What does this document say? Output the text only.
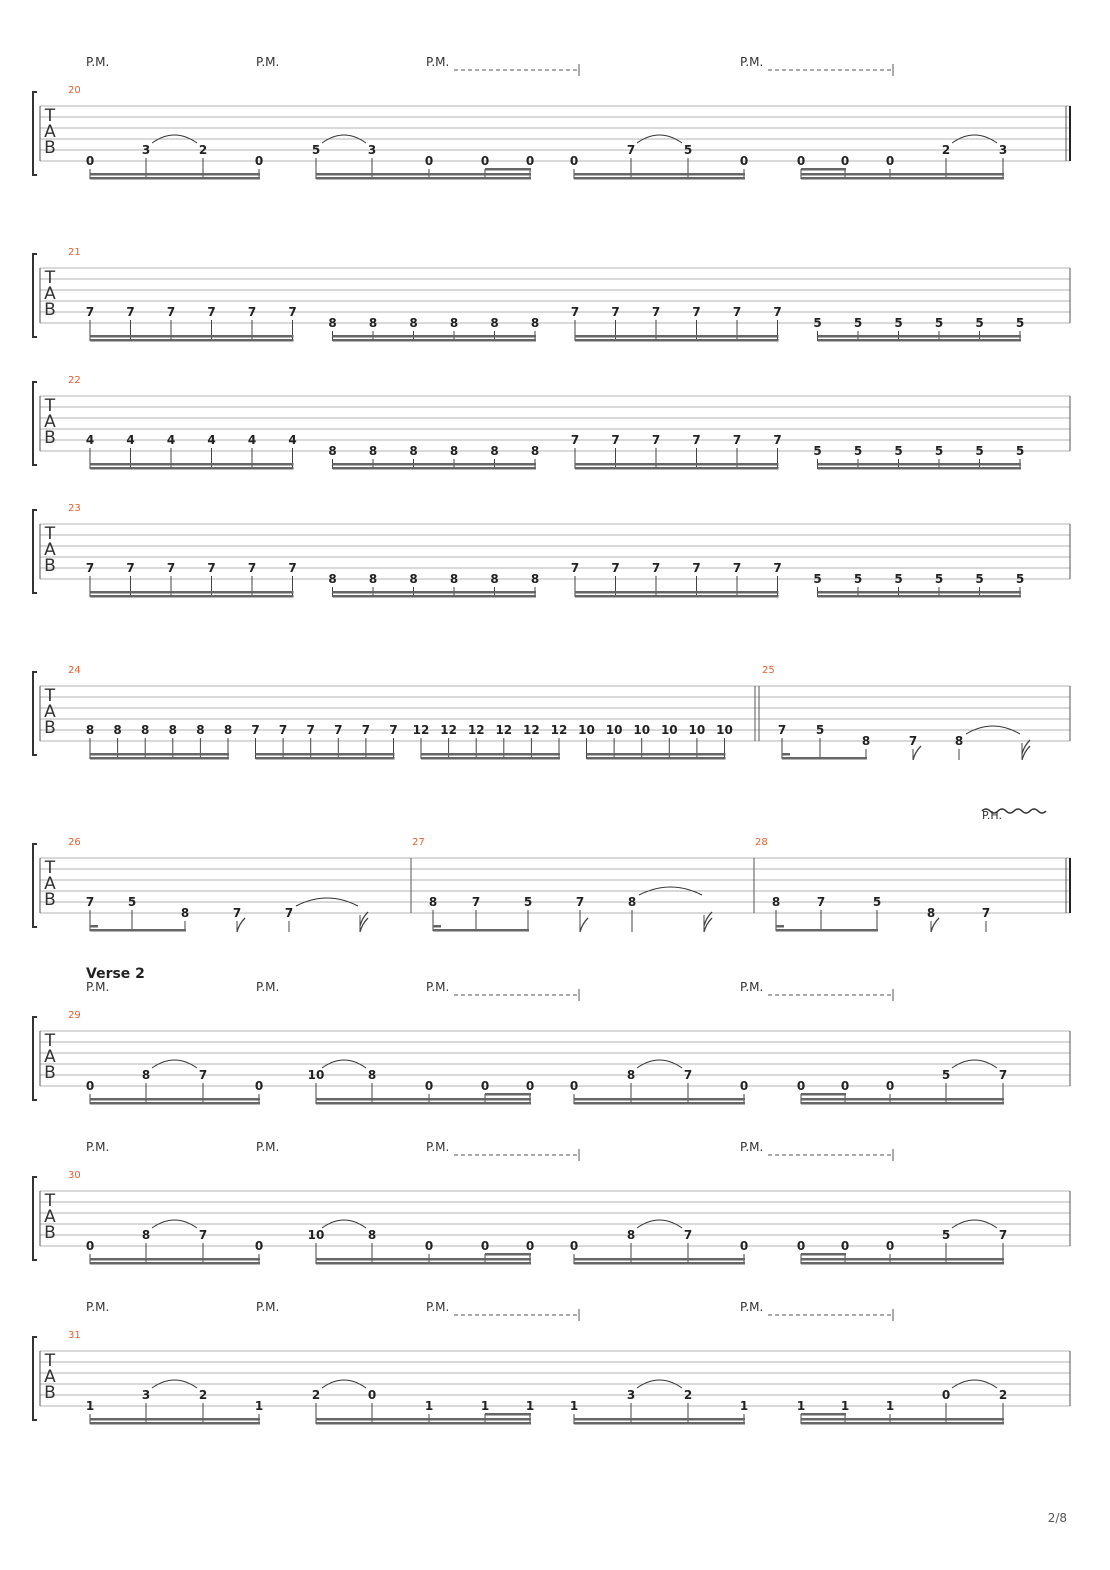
P.M.	P.M.	P.M.	P.M.
T
A
B
20
0
3	2
0
5	3
0	0	0	0
7	5
0	0	0	0
2	3
T
A
B
21
7	7	7	7	7	7
8	8	8	8	8	8
7	7	7	7	7	7
5	5	5	5	5	5
T
A
B
22
4	4	4	4	4	4
8	8	8	8	8	8
7	7	7	7	7	7
5	5	5	5	5	5
T
A
B
23
7	7	7	7	7	7
8	8	8	8	8	8
7	7	7	7	7	7
5	5	5	5	5	5
T
A
B
24	25
8 8 8 8 8 8 7 7 7 7 7 7 12 12 12 12 12 12 10 10 10 10 10 10	7 5
8	7	8
P.H.
T
A
B
26	27	28
7	5
8	7	7
8	7	5	7	8	8	7	5
8	7
Verse 2
P.M.	P.M.	P.M.	P.M.
T
A
B
29
0
8	7
0
10	8
0	0	0	0
8	7
0	0	0	0
5	7
P.M.	P.M.	P.M.	P.M.
T
A
B
30
0
8	7
0
10	8
0	0	0	0
8	7
0	0	0	0
5	7
P.M.	P.M.	P.M.	P.M.
T
A
B
31
1
3	2
1
2	0
1	1	1	1
3	2
1	1	1	1
0	2
2/8
